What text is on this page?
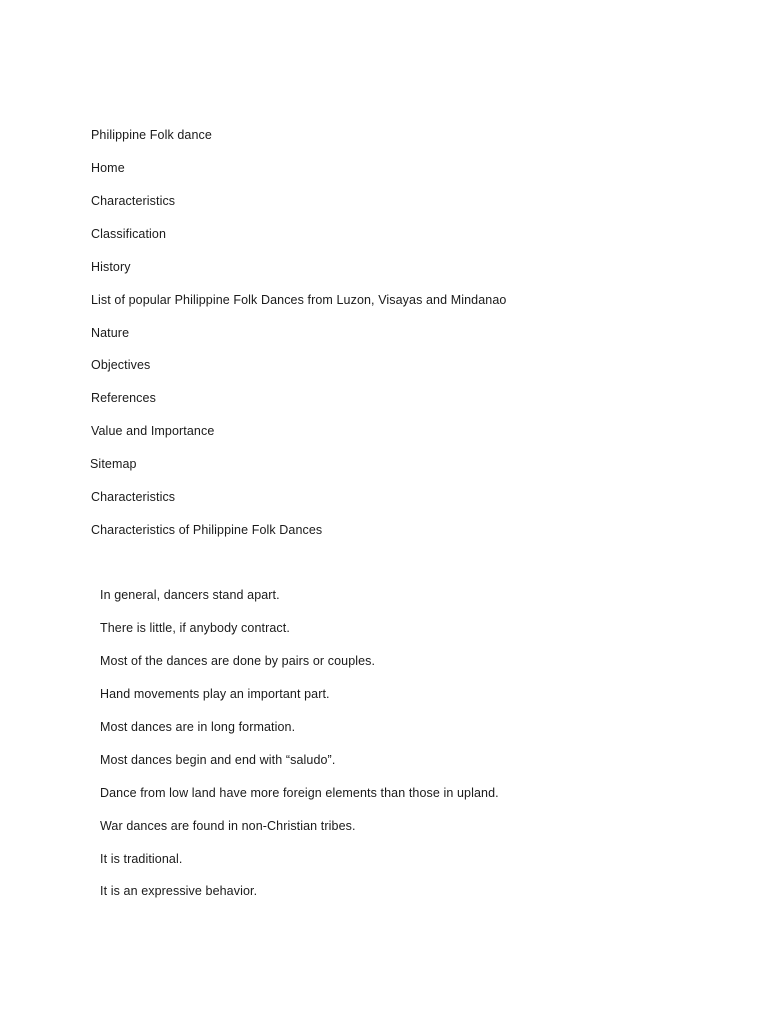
Philippine Folk dance
Home
Characteristics
Classification
History
List of popular Philippine Folk Dances from Luzon, Visayas and Mindanao
Nature
Objectives
References
Value and Importance
Sitemap
Characteristics
Characteristics of Philippine Folk Dances
In general, dancers stand apart.
There is little, if anybody contract.
Most of the dances are done by pairs or couples.
Hand movements play an important part.
Most dances are in long formation.
Most dances begin and end with “saludo”.
Dance from low land have more foreign elements than those in upland.
War dances are found in non-Christian tribes.
It is traditional.
It is an expressive behavior.
